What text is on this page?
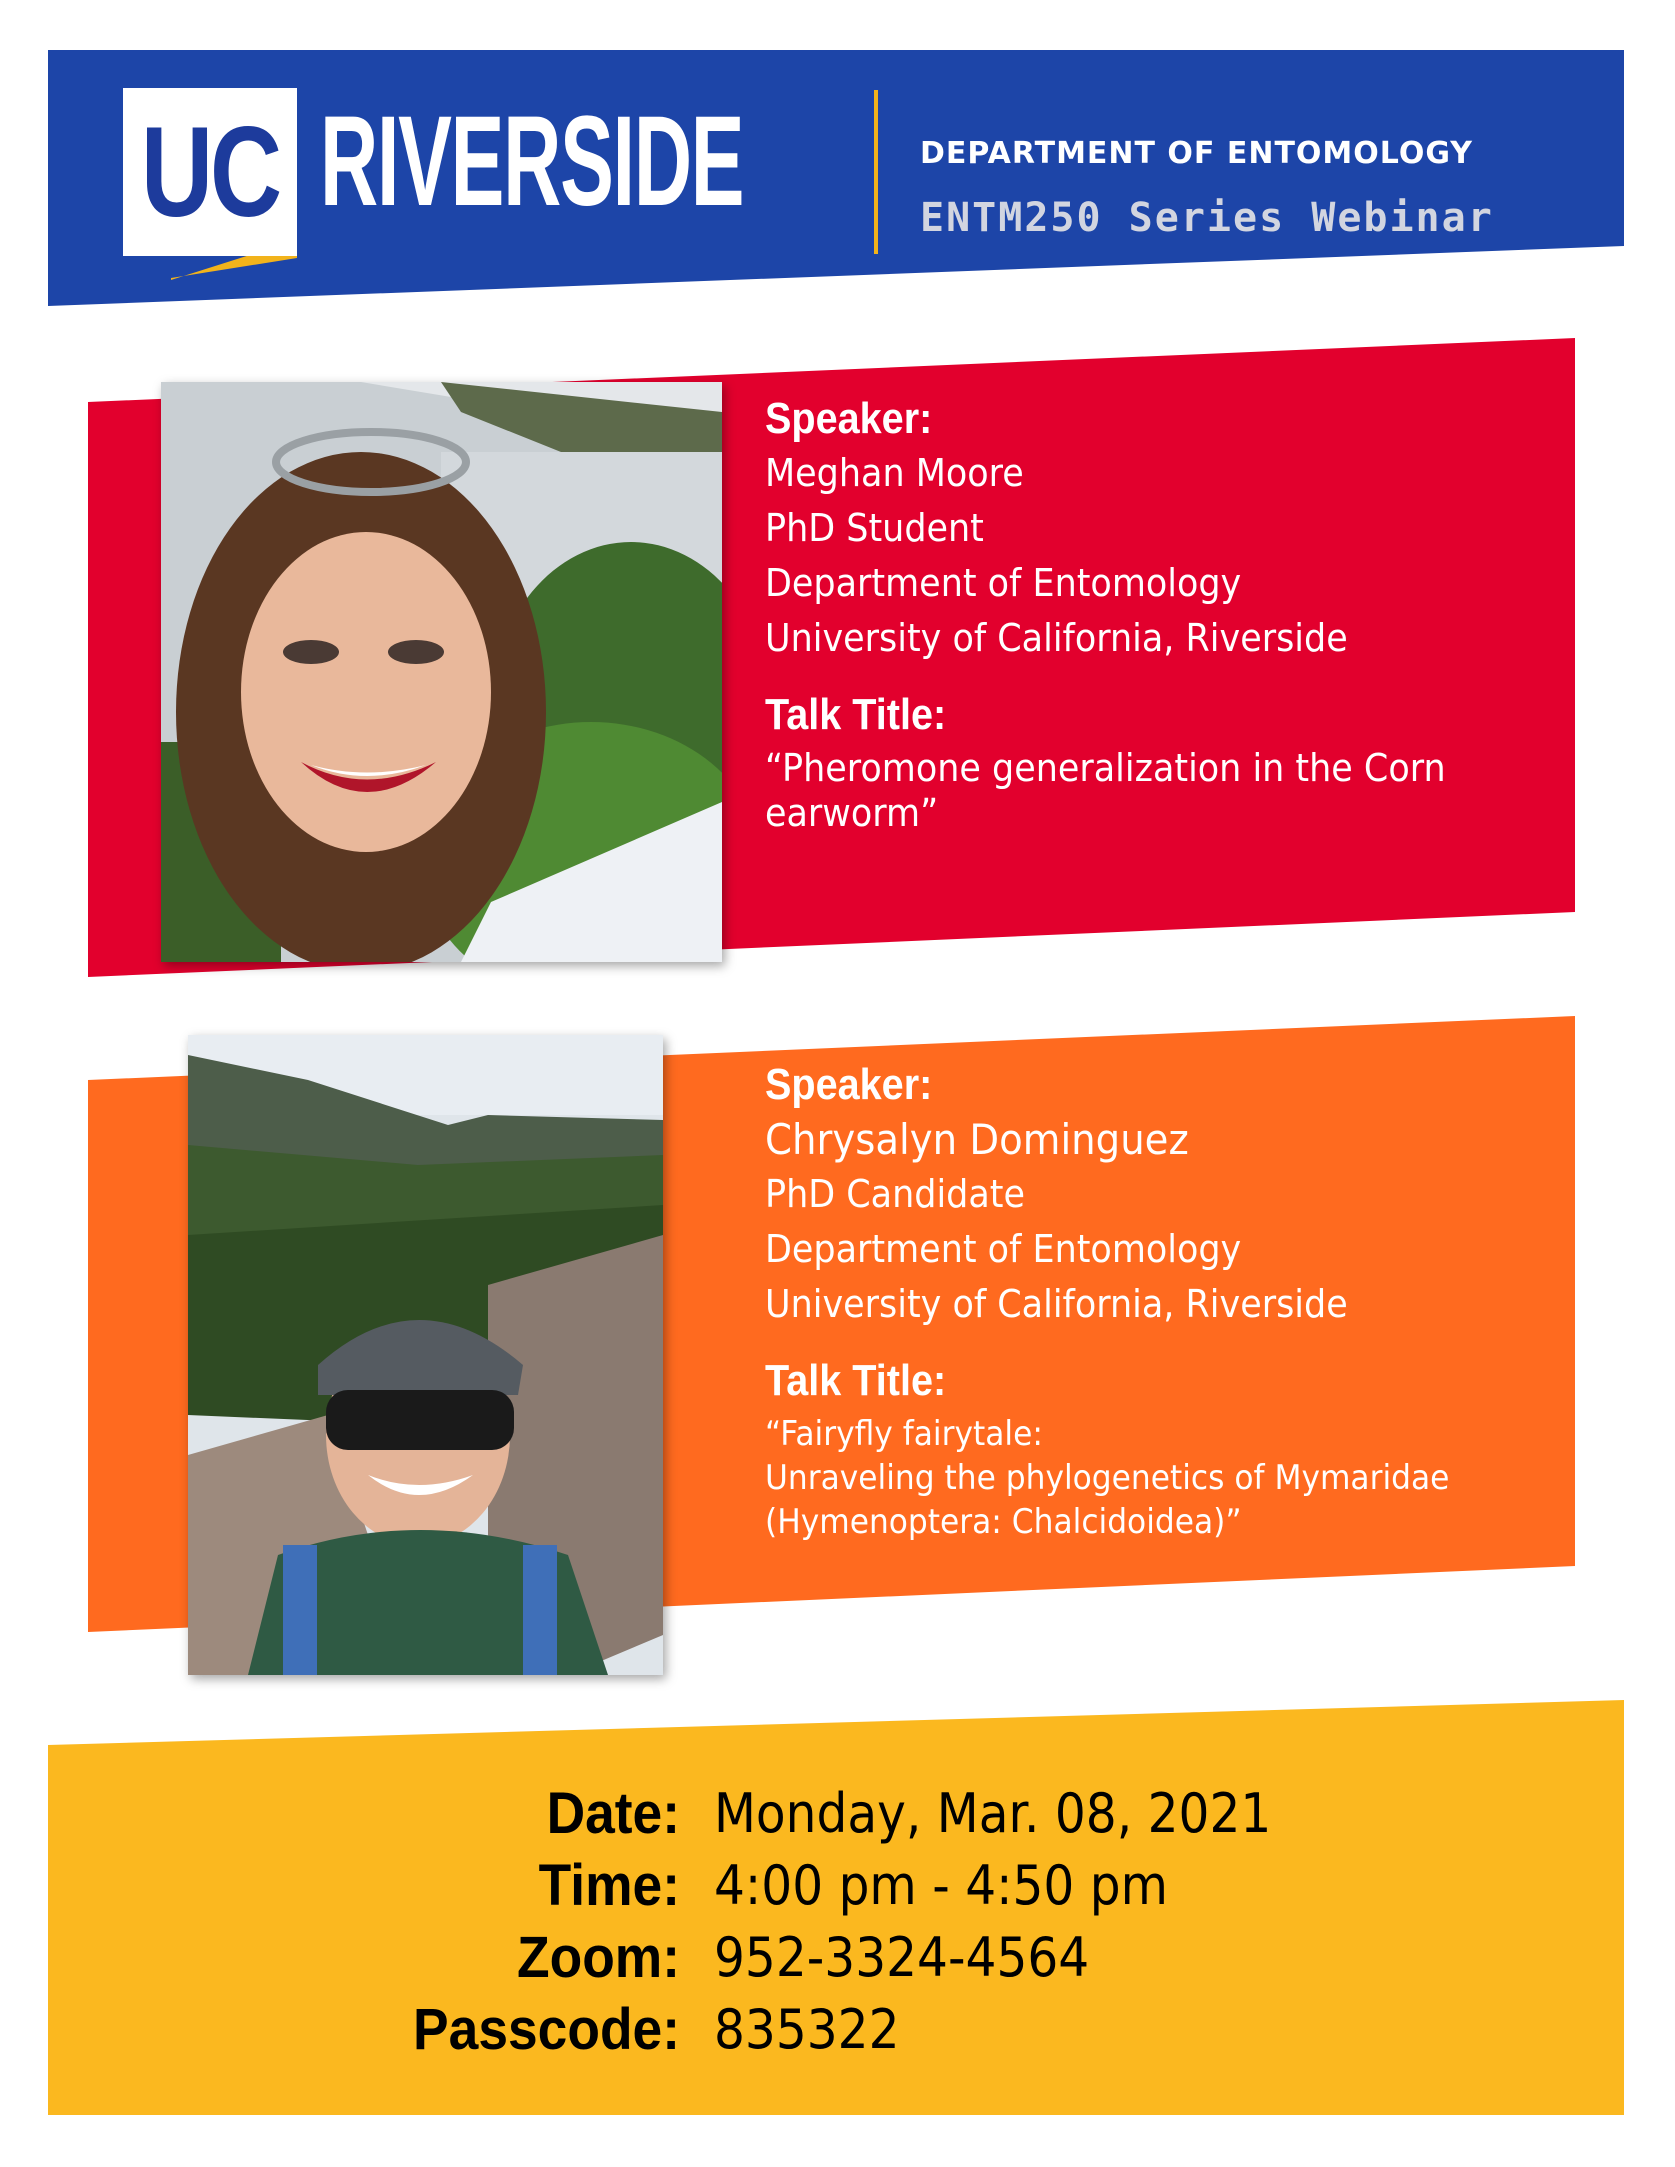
UC RIVERSIDE	DEPARTMENT OF ENTOMOLOGY
ENTM250 Series Webinar
Speaker:
Meghan Moore
PhD Student
Department of Entomology
University of California, Riverside
Talk Title:
“Pheromone generalization in the Corn
earworm”
Speaker:
Chrysalyn Dominguez
PhD Candidate
Department of Entomology
University of California, Riverside
Talk Title:
“Fairyfly fairytale:
Unraveling the phylogenetics of Mymaridae
(Hymenoptera: Chalcidoidea)”
Date: Monday, Mar. 08, 2021
Time: 4:00 pm - 4:50 pm
Zoom: 952-3324-4564
Passcode: 835322
